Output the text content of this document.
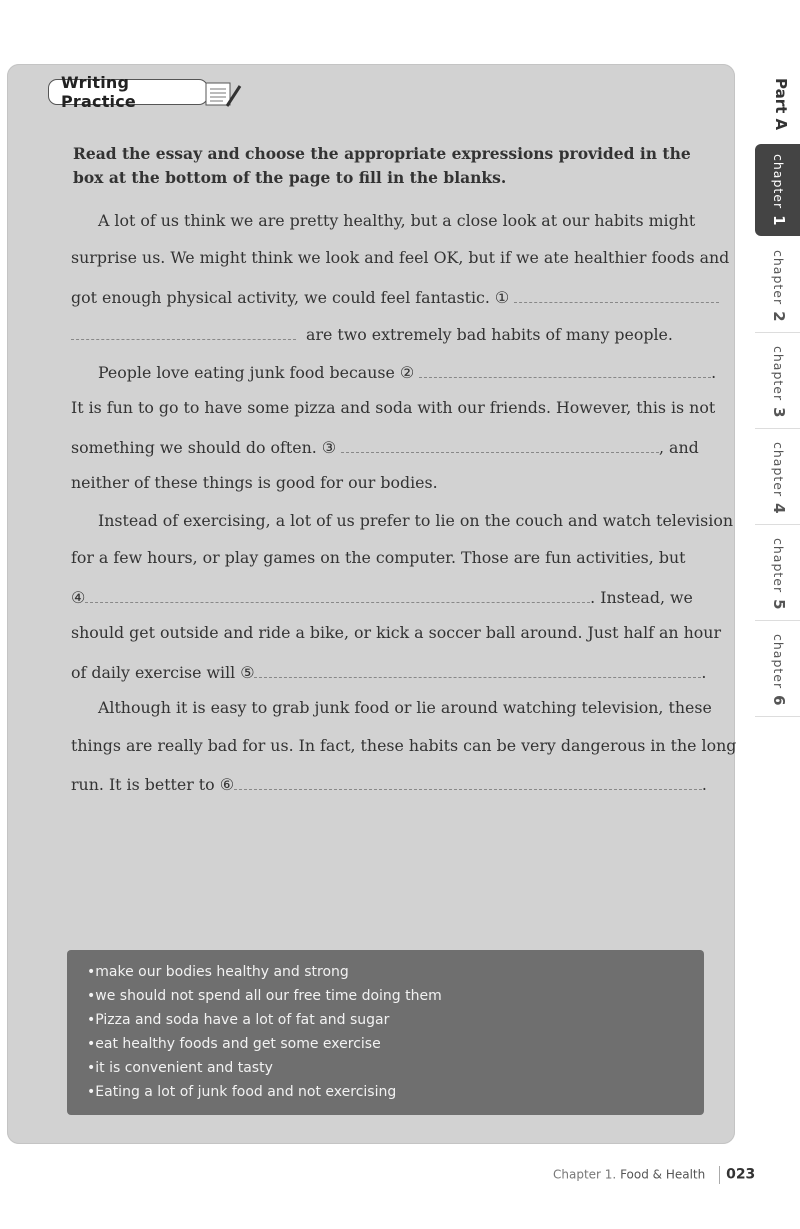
Writing Practice
Read the essay and choose the appropriate expressions provided in the box at the bottom of the page to fill in the blanks.
A lot of us think we are pretty healthy, but a close look at our habits might
surprise us. We might think we look and feel OK, but if we ate healthier foods and
got enough physical activity, we could feel fantastic. ①
are two extremely bad habits of many people.
People love eating junk food because ②	.
It is fun to go to have some pizza and soda with our friends. However, this is not
something we should do often. ③	, and
neither of these things is good for our bodies.
Instead of exercising, a lot of us prefer to lie on the couch and watch television
for a few hours, or play games on the computer. Those are fun activities, but
④	. Instead, we
should get outside and ride a bike, or kick a soccer ball around. Just half an hour
of daily exercise will ⑤	.
Although it is easy to grab junk food or lie around watching television, these
things are really bad for us. In fact, these habits can be very dangerous in the long
run. It is better to ⑥	.
• make our bodies healthy and strong
• we should not spend all our free time doing them
• Pizza and soda have a lot of fat and sugar
• eat healthy foods and get some exercise
• it is convenient and tasty
• Eating a lot of junk food and not exercising
Chapter 1. Food & Health 023
Part A
chapter1
chapter2
chapter3
chapter4
chapter5
chapter6
